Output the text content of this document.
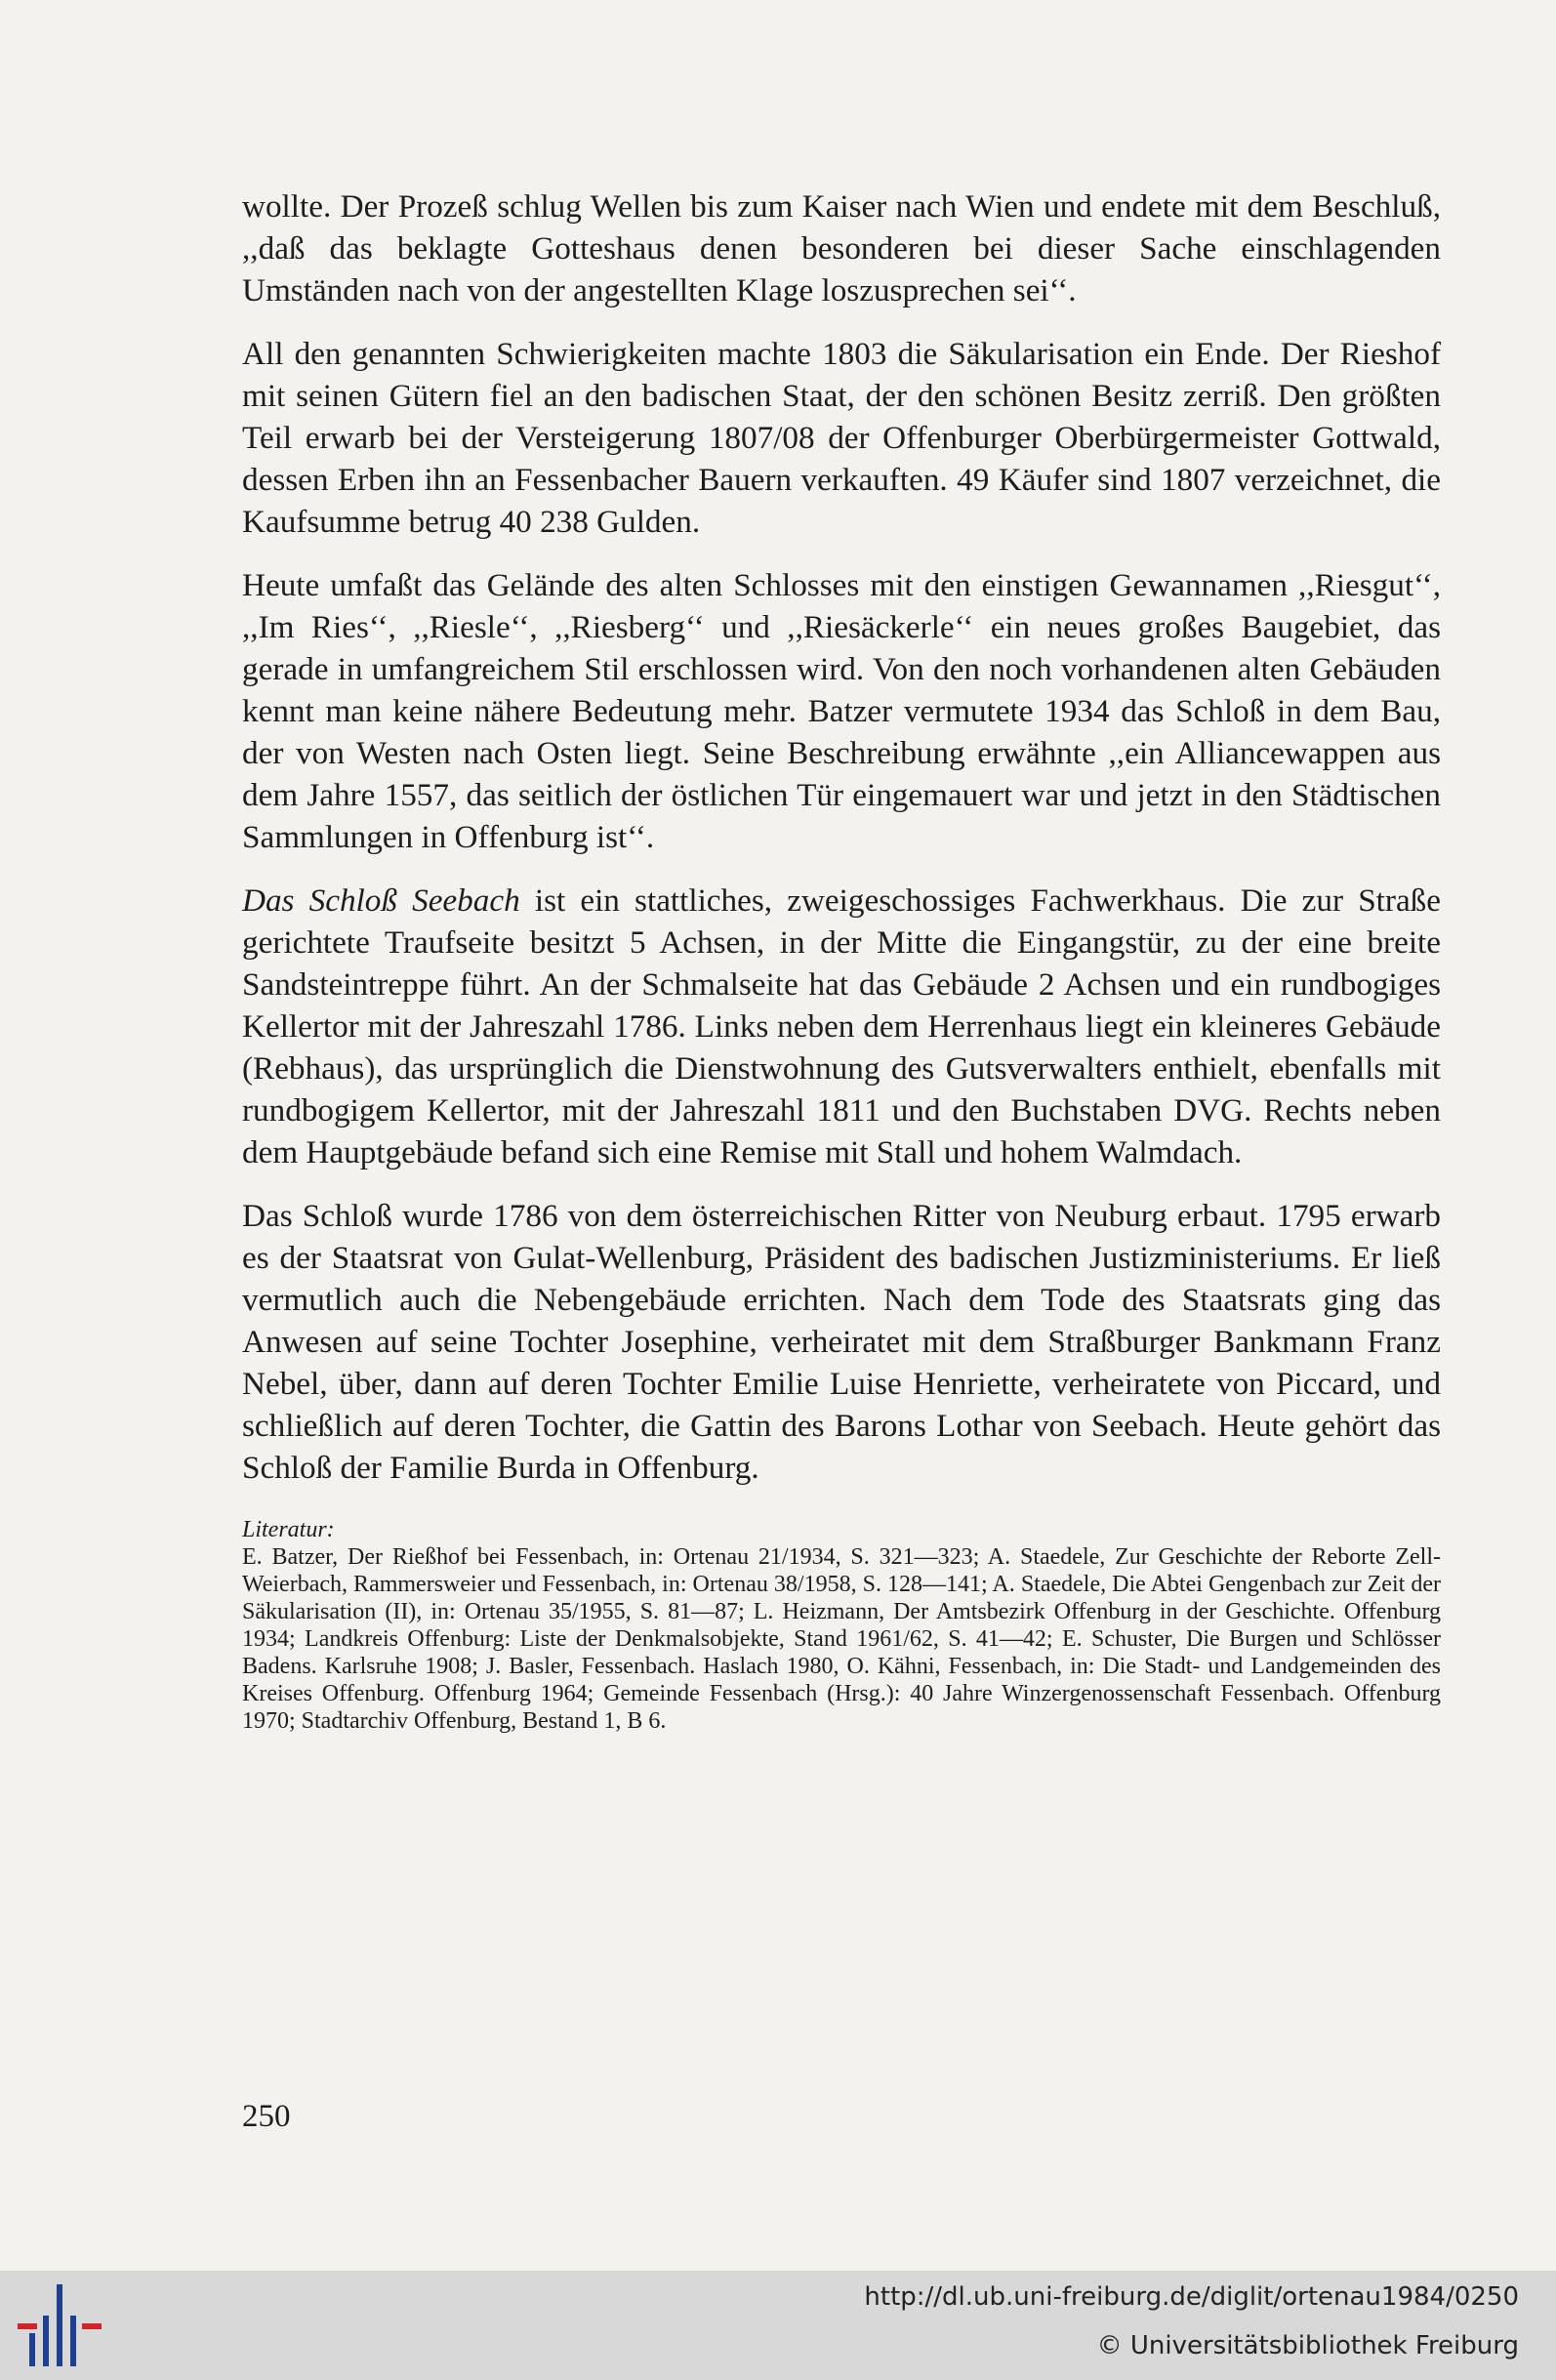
wollte. Der Prozeß schlug Wellen bis zum Kaiser nach Wien und endete mit dem Beschluß, ,,daß das beklagte Gotteshaus denen besonderen bei dieser Sache einschlagenden Umständen nach von der angestellten Klage loszusprechen sei‘‘.

All den genannten Schwierigkeiten machte 1803 die Säkularisation ein Ende. Der Rieshof mit seinen Gütern fiel an den badischen Staat, der den schönen Besitz zerriß. Den größten Teil erwarb bei der Versteigerung 1807/08 der Offenburger Oberbürgermeister Gottwald, dessen Erben ihn an Fessenbacher Bauern verkauften. 49 Käufer sind 1807 verzeichnet, die Kaufsumme betrug 40 238 Gulden.

Heute umfaßt das Gelände des alten Schlosses mit den einstigen Gewannamen ,,Riesgut‘‘, ,,Im Ries‘‘, ,,Riesle‘‘, ,,Riesberg‘‘ und ,,Riesäckerle‘‘ ein neues großes Baugebiet, das gerade in umfangreichem Stil erschlossen wird. Von den noch vorhandenen alten Gebäuden kennt man keine nähere Bedeutung mehr. Batzer vermutete 1934 das Schloß in dem Bau, der von Westen nach Osten liegt. Seine Beschreibung erwähnte ,,ein Alliancewappen aus dem Jahre 1557, das seitlich der östlichen Tür eingemauert war und jetzt in den Städtischen Sammlungen in Offenburg ist‘‘.

Das Schloß Seebach ist ein stattliches, zweigeschossiges Fachwerkhaus. Die zur Straße gerichtete Traufseite besitzt 5 Achsen, in der Mitte die Eingangstür, zu der eine breite Sandsteintreppe führt. An der Schmalseite hat das Gebäude 2 Achsen und ein rundbogiges Kellertor mit der Jahreszahl 1786. Links neben dem Herrenhaus liegt ein kleineres Gebäude (Rebhaus), das ursprünglich die Dienstwohnung des Gutsverwalters enthielt, ebenfalls mit rundbogigem Kellertor, mit der Jahreszahl 1811 und den Buchstaben DVG. Rechts neben dem Hauptgebäude befand sich eine Remise mit Stall und hohem Walmdach.

Das Schloß wurde 1786 von dem österreichischen Ritter von Neuburg erbaut. 1795 erwarb es der Staatsrat von Gulat-Wellenburg, Präsident des badischen Justizministeriums. Er ließ vermutlich auch die Nebengebäude errichten. Nach dem Tode des Staatsrats ging das Anwesen auf seine Tochter Josephine, verheiratet mit dem Straßburger Bankmann Franz Nebel, über, dann auf deren Tochter Emilie Luise Henriette, verheiratete von Piccard, und schließlich auf deren Tochter, die Gattin des Barons Lothar von Seebach. Heute gehört das Schloß der Familie Burda in Offenburg.

Literatur:
E. Batzer, Der Rießhof bei Fessenbach, in: Ortenau 21/1934, S. 321—323; A. Staedele, Zur Geschichte der Reborte Zell-Weierbach, Rammersweier und Fessenbach, in: Ortenau 38/1958, S. 128—141; A. Staedele, Die Abtei Gengenbach zur Zeit der Säkularisation (II), in: Ortenau 35/1955, S. 81—87; L. Heizmann, Der Amtsbezirk Offenburg in der Geschichte. Offenburg 1934; Landkreis Offenburg: Liste der Denkmalsobjekte, Stand 1961/62, S. 41—42; E. Schuster, Die Burgen und Schlösser Badens. Karlsruhe 1908; J. Basler, Fessenbach. Haslach 1980, O. Kähni, Fessenbach, in: Die Stadt- und Landgemeinden des Kreises Offenburg. Offenburg 1964; Gemeinde Fessenbach (Hrsg.): 40 Jahre Winzergenossenschaft Fessenbach. Offenburg 1970; Stadtarchiv Offenburg, Bestand 1, B 6.
250
http://dl.ub.uni-freiburg.de/diglit/ortenau1984/0250
© Universitätsbibliothek Freiburg
